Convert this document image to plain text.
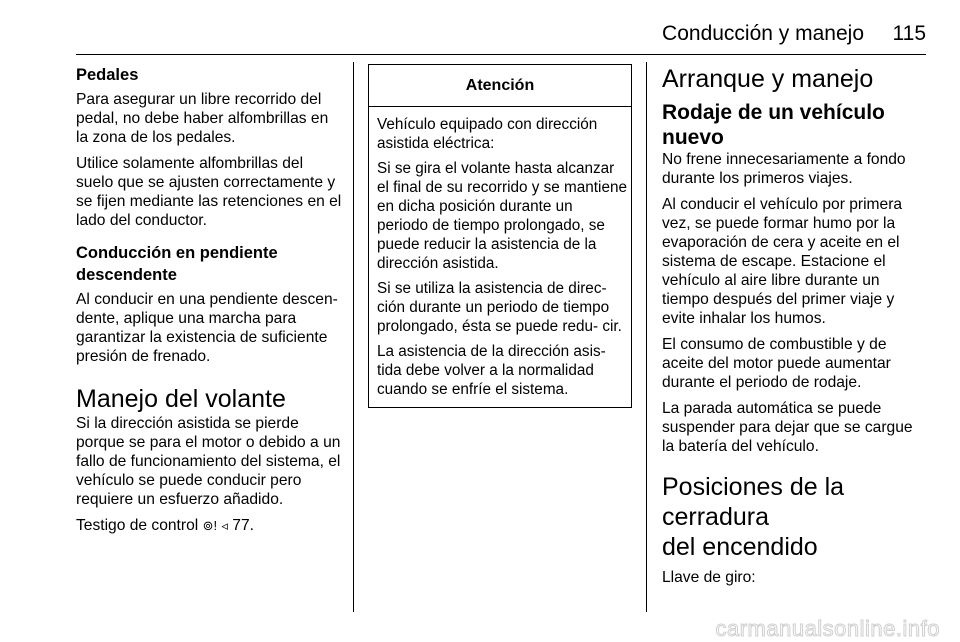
Conducción y manejo 115
Pedales

Para asegurar un libre recorrido del pedal, no debe haber alfombrillas en la zona de los pedales.

Utilice solamente alfombrillas del suelo que se ajusten correctamente y se fijen mediante las retenciones en el lado del conductor.

Conducción en pendiente
descendente

Al conducir en una pendiente descen- dente, aplique una marcha para garantizar la existencia de suficiente presión de frenado.

Manejo del volante

Si la dirección asistida se pierde porque se para el motor o debido a un fallo de funcionamiento del sistema, el vehículo se puede conducir pero requiere un esfuerzo añadido.

Testigo de control ⊚! ◃ 77.

Atención

Vehículo equipado con dirección asistida eléctrica:

Si se gira el volante hasta alcanzar el final de su recorrido y se mantiene en dicha posición durante un periodo de tiempo prolongado, se puede reducir la asistencia de la dirección asistida.

Si se utiliza la asistencia de direc- ción durante un periodo de tiempo prolongado, ésta se puede redu- cir.

La asistencia de la dirección asis- tida debe volver a la normalidad cuando se enfríe el sistema.

Arranque y manejo
Rodaje de un vehículo
nuevo

No frene innecesariamente a fondo durante los primeros viajes.

Al conducir el vehículo por primera vez, se puede formar humo por la evaporación de cera y aceite en el sistema de escape. Estacione el vehículo al aire libre durante un tiempo después del primer viaje y evite inhalar los humos.

El consumo de combustible y de aceite del motor puede aumentar durante el periodo de rodaje.

La parada automática se puede suspender para dejar que se cargue la batería del vehículo.

Posiciones de la cerradura
del encendido

Llave de giro:

carmanualsonline.info
